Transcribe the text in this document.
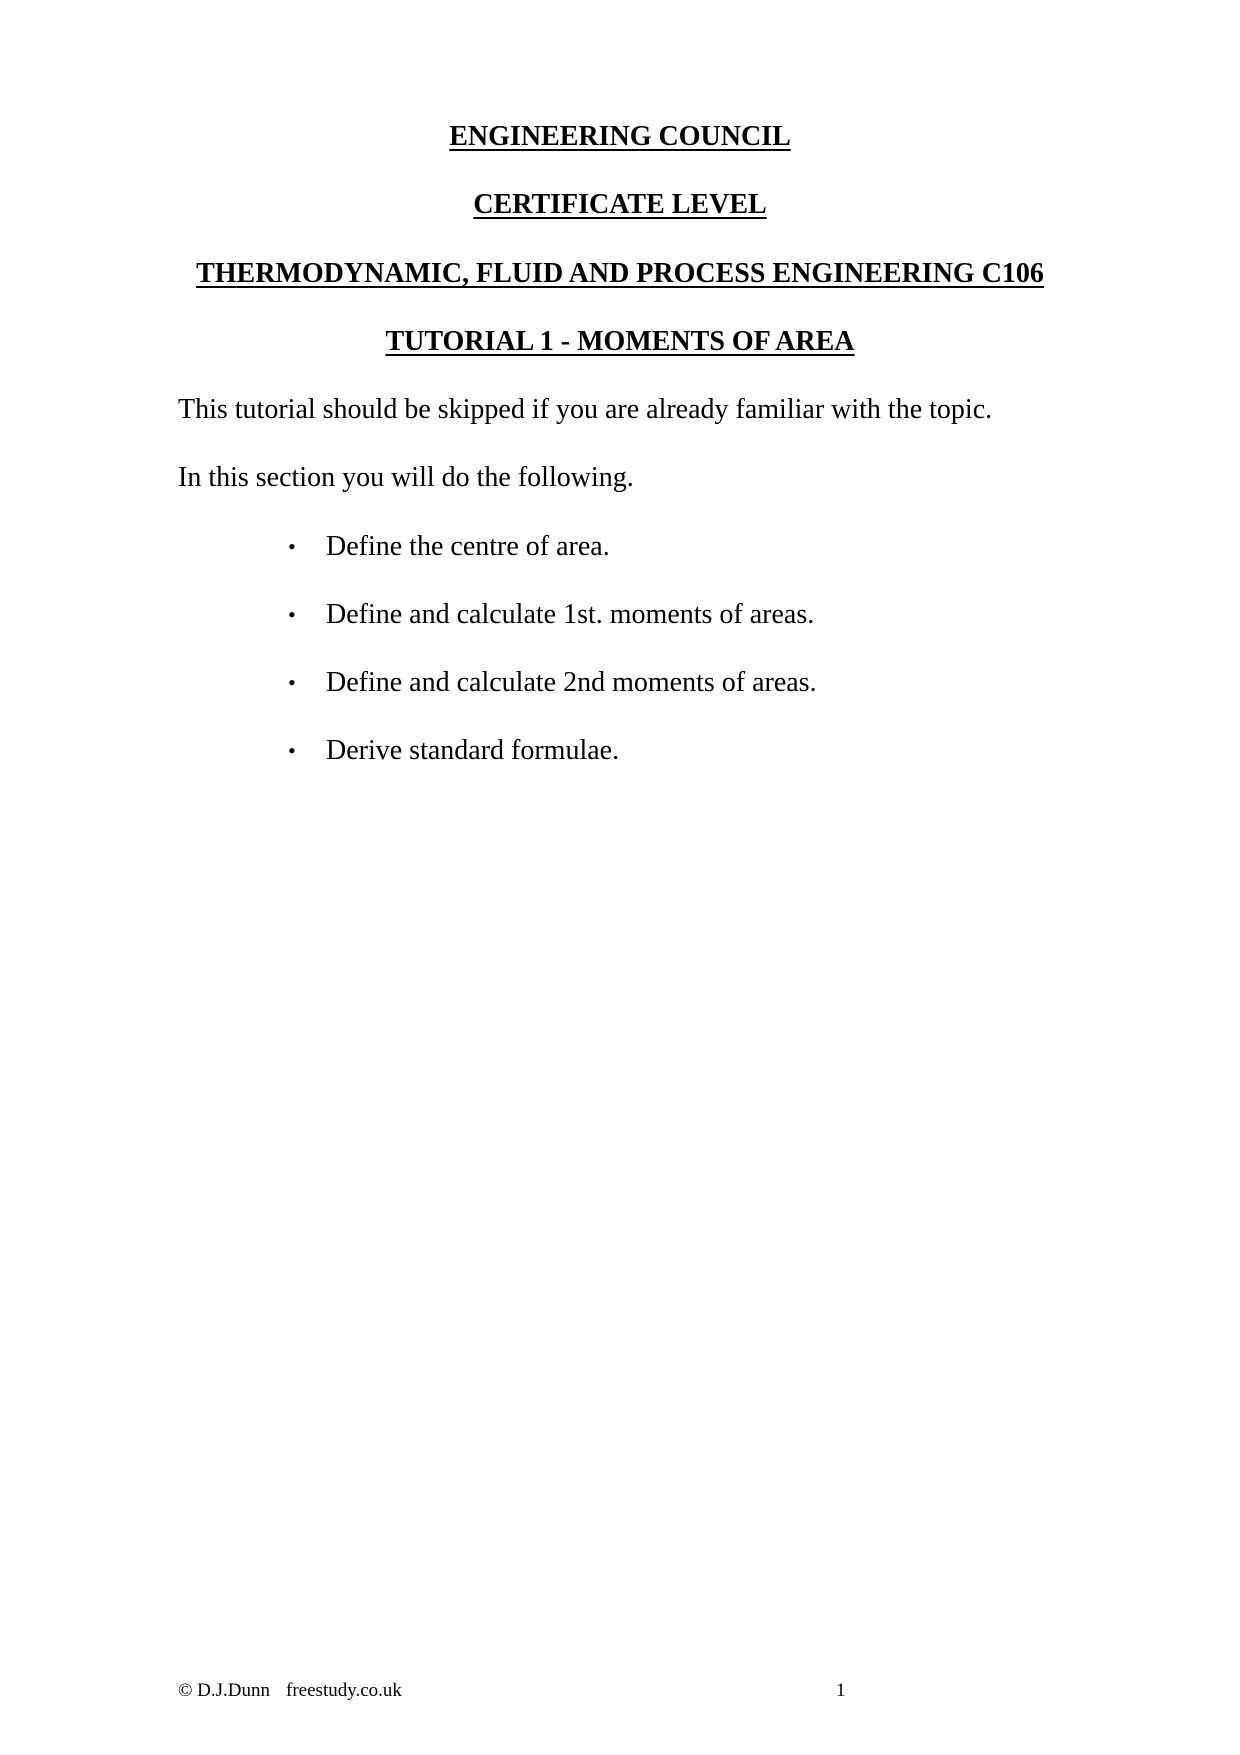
ENGINEERING COUNCIL
CERTIFICATE LEVEL
THERMODYNAMIC, FLUID AND PROCESS ENGINEERING C106
TUTORIAL 1 - MOMENTS OF AREA
This tutorial should be skipped if you are already familiar with the topic.
In this section you will do the following.
•	Define the centre of area.
•	Define and calculate 1st. moments of areas.
•	Define and calculate 2nd moments of areas.
•	Derive standard formulae.
© D.J.Dunn freestudy.co.uk	1
